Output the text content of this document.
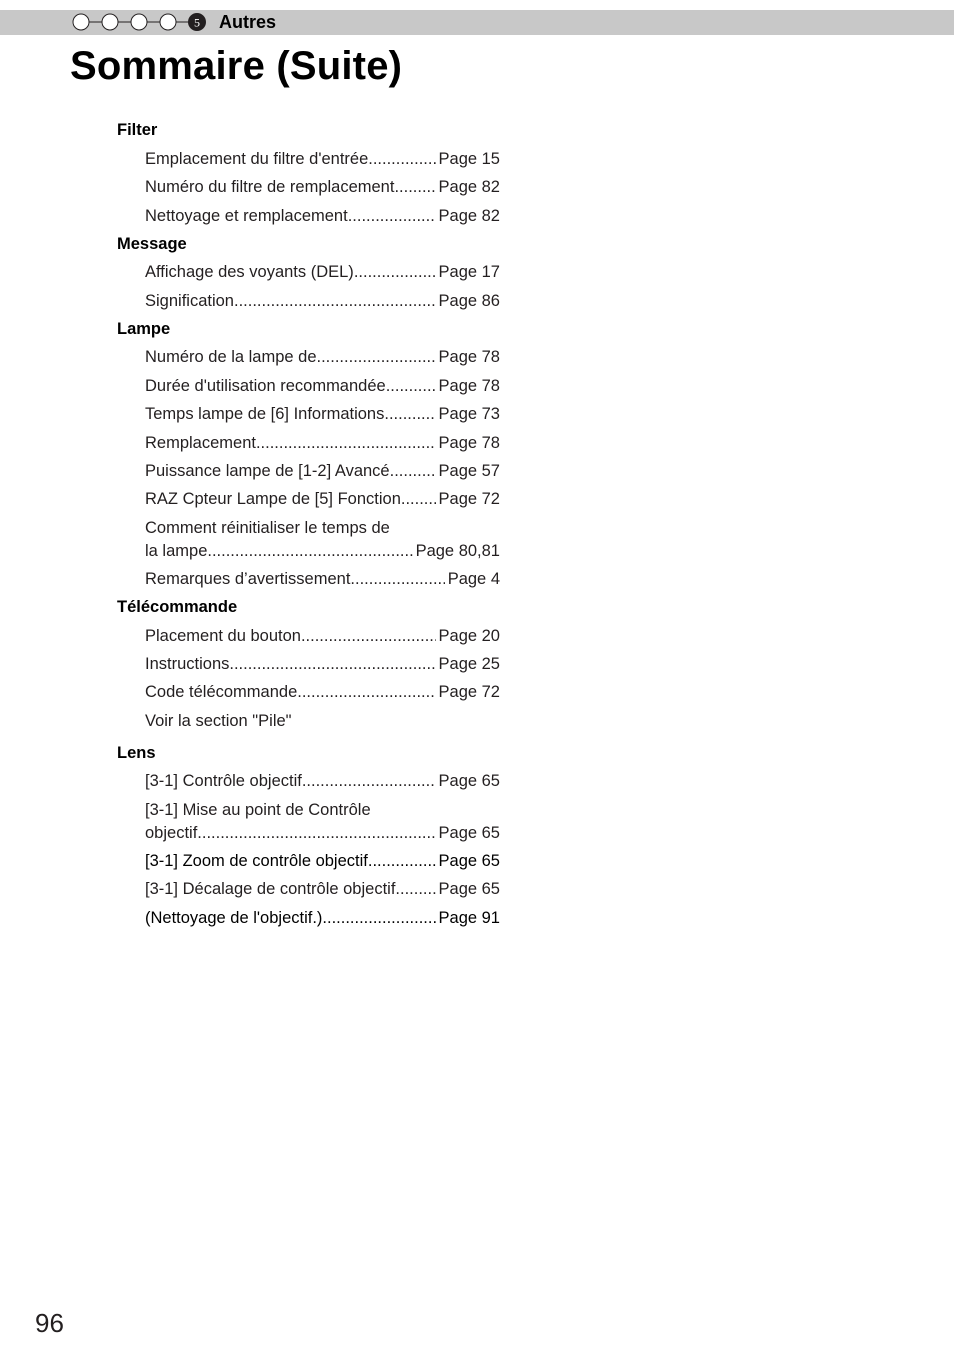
5 Autres
Sommaire (Suite)
Filter
Emplacement du filtre d'entrée .....	Page 15
Numéro du filtre de remplacement .....	Page 82
Nettoyage et remplacement .....	Page 82
Message
Affichage des voyants (DEL) .....	Page 17
Signification .....	Page 86
Lampe
Numéro de la lampe de .....	Page 78
Durée d'utilisation recommandée .....	Page 78
Temps lampe de [6] Informations .....	Page 73
Remplacement .....	Page 78
Puissance lampe de [1-2] Avancé .....	Page 57
RAZ Cpteur Lampe de [5] Fonction ..... Page 72
Comment réinitialiser le temps de
la lampe .....	Page 80,81
Remarques d’avertissement .....	Page 4
Télécommande
Placement du bouton .....	Page 20
Instructions .....	Page 25
Code télécommande .....	Page 72
Voir la section "Pile"
Lens
[3-1] Contrôle objectif .....	Page 65
[3-1] Mise au point de Contrôle
objectif .....	Page 65
[3-1] Zoom de contrôle objectif .....	Page 65
[3-1] Décalage de contrôle objectif .....	Page 65
(Nettoyage de l'objectif.) .....	Page 91
96
